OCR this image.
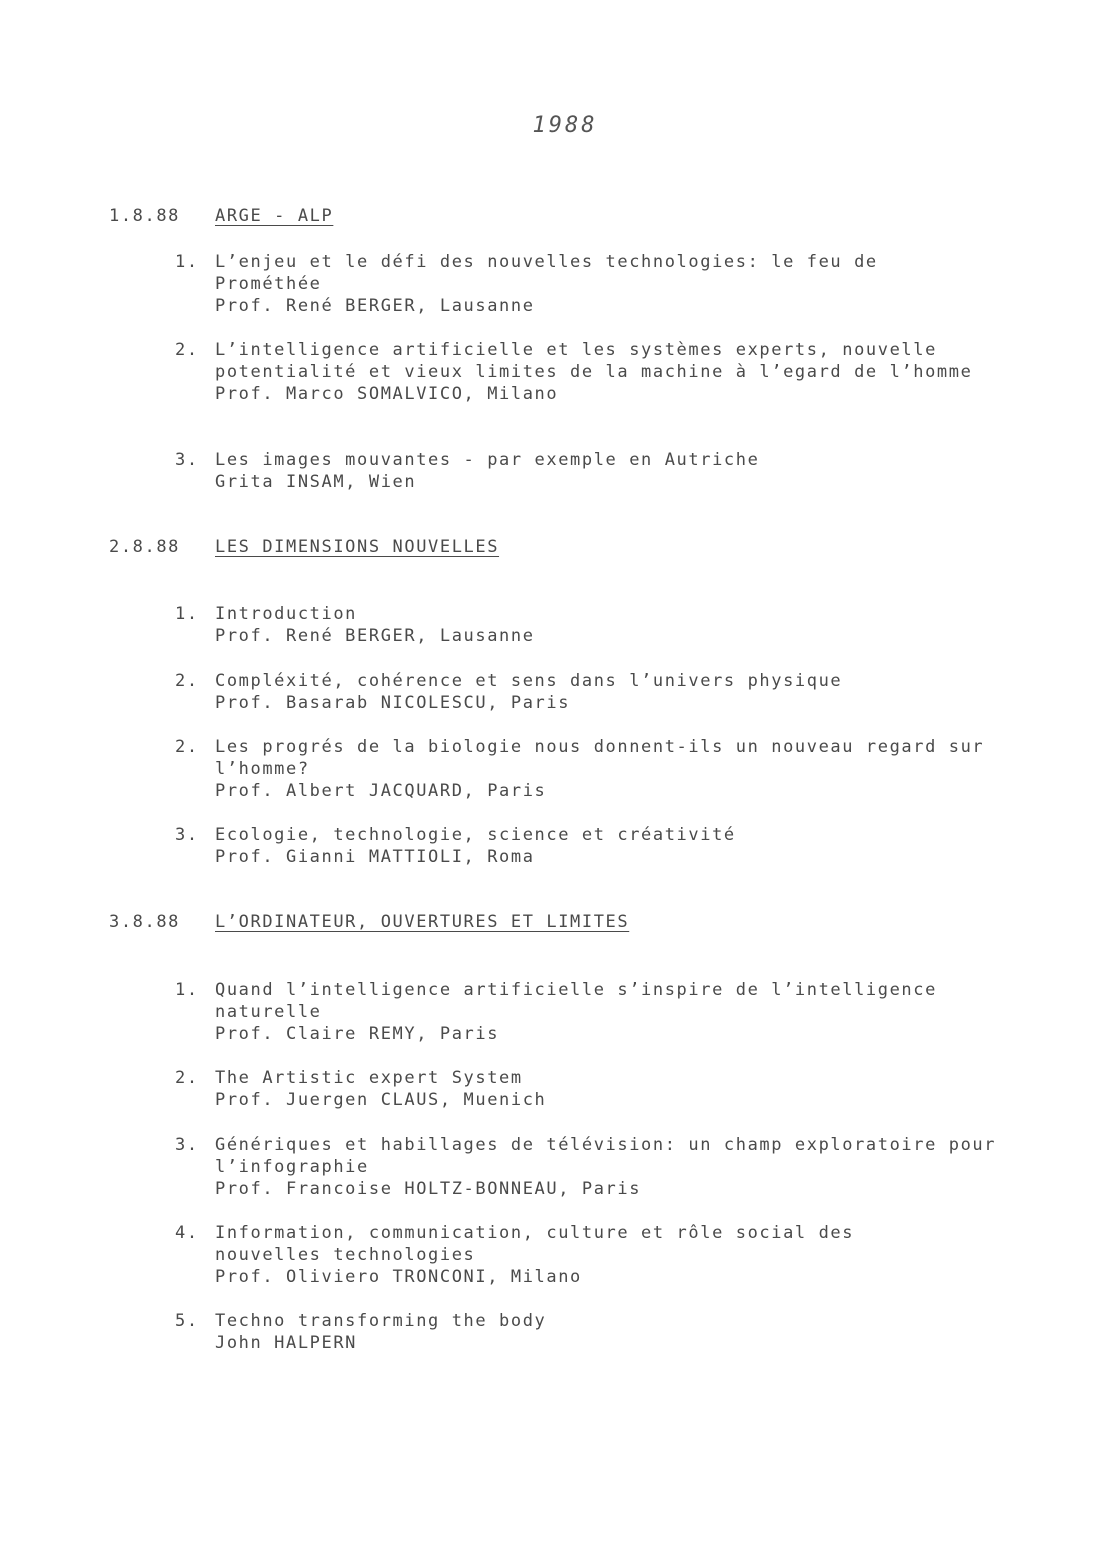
1988
1.8.88 ARGE - ALP
1. L’enjeu et le défi des nouvelles technologies: le feu de Prométhée
Prof. René BERGER, Lausanne
2. L’intelligence artificielle et les systèmes experts, nouvelle potentialité et vieux limites de la machine à l’egard de l’homme
Prof. Marco SOMALVICO, Milano
3. Les images mouvantes - par exemple en Autriche
Grita INSAM, Wien
2.8.88 LES DIMENSIONS NOUVELLES
1. Introduction
Prof. René BERGER, Lausanne
2. Compléxité, cohérence et sens dans l’univers physique
Prof. Basarab NICOLESCU, Paris
2. Les progrés de la biologie nous donnent-ils un nouveau regard sur l’homme?
Prof. Albert JACQUARD, Paris
3. Ecologie, technologie, science et créativité
Prof. Gianni MATTIOLI, Roma
3.8.88 L’ORDINATEUR, OUVERTURES ET LIMITES
1. Quand l’intelligence artificielle s’inspire de l’intelligence naturelle
Prof. Claire REMY, Paris
2. The Artistic expert System
Prof. Juergen CLAUS, Muenich
3. Génériques et habillages de télévision: un champ exploratoire pour l’infographie
Prof. Francoise HOLTZ-BONNEAU, Paris
4. Information, communication, culture et rôle social des nouvelles technologies
Prof. Oliviero TRONCONI, Milano
5. Techno transforming the body
John HALPERN
